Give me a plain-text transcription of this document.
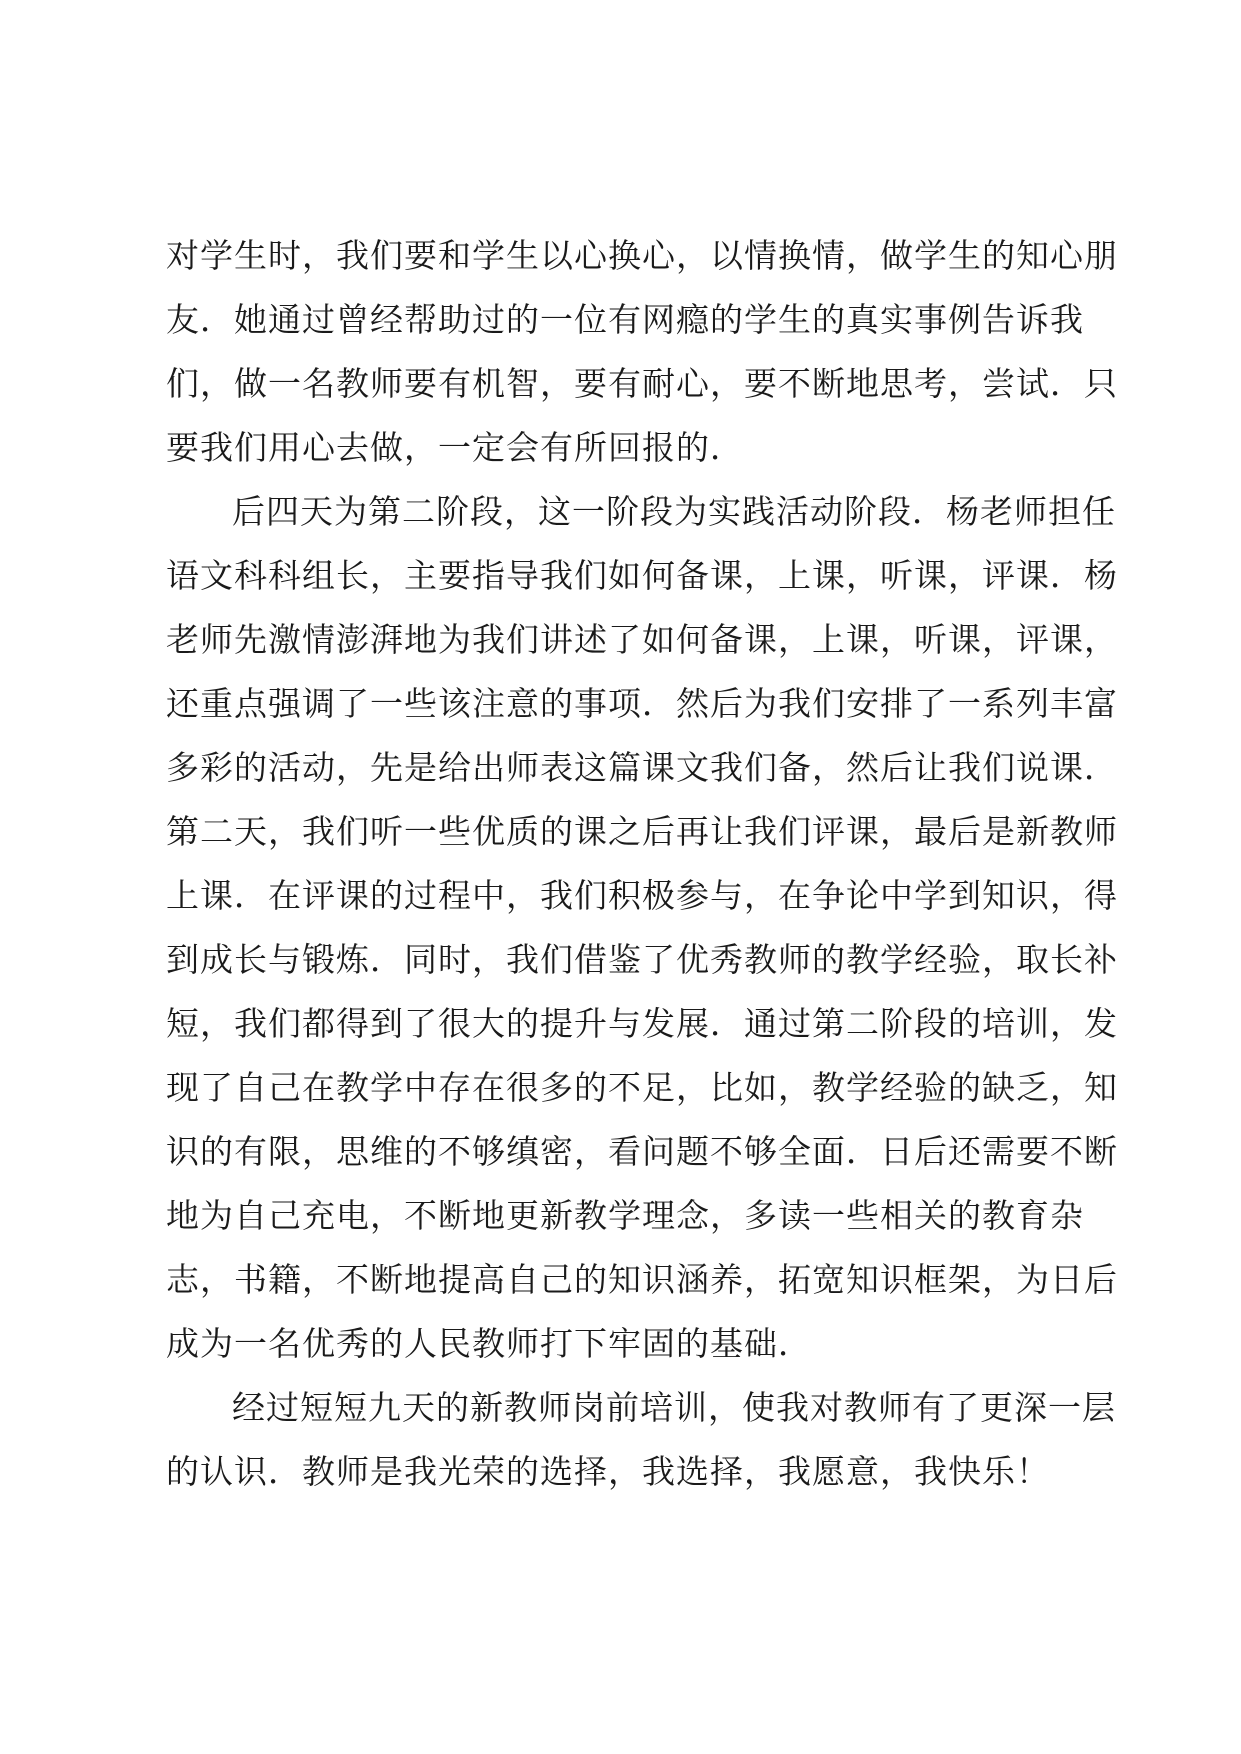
对学生时，我们要和学生以心换心，以情换情，做学生的知心朋
友．她通过曾经帮助过的一位有网瘾的学生的真实事例告诉我
们，做一名教师要有机智，要有耐心，要不断地思考，尝试．只
要我们用心去做，一定会有所回报的．
后四天为第二阶段，这一阶段为实践活动阶段．杨老师担任
语文科科组长，主要指导我们如何备课，上课，听课，评课．杨
老师先激情澎湃地为我们讲述了如何备课，上课，听课，评课，
还重点强调了一些该注意的事项．然后为我们安排了一系列丰富
多彩的活动，先是给出师表这篇课文我们备，然后让我们说课．
第二天，我们听一些优质的课之后再让我们评课，最后是新教师
上课．在评课的过程中，我们积极参与，在争论中学到知识，得
到成长与锻炼．同时，我们借鉴了优秀教师的教学经验，取长补
短，我们都得到了很大的提升与发展．通过第二阶段的培训，发
现了自己在教学中存在很多的不足，比如，教学经验的缺乏，知
识的有限，思维的不够缜密，看问题不够全面．日后还需要不断
地为自己充电，不断地更新教学理念，多读一些相关的教育杂
志，书籍，不断地提高自己的知识涵养，拓宽知识框架，为日后
成为一名优秀的人民教师打下牢固的基础．
经过短短九天的新教师岗前培训，使我对教师有了更深一层
的认识．教师是我光荣的选择，我选择，我愿意，我快乐！
